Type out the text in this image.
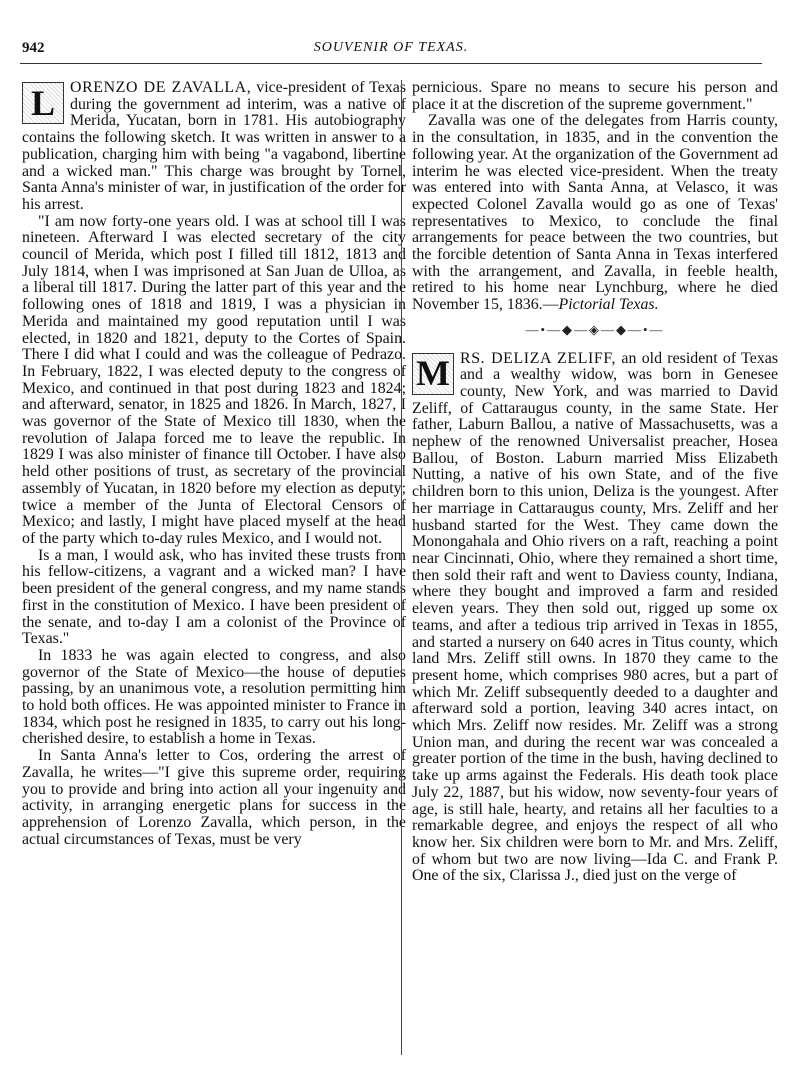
942	SOUVENIR OF TEXAS.

L ORENZO DE ZAVALLA, vice-president of Texas during the government ad interim, was a native of Merida, Yucatan, born in 1781. His autobiography contains the following sketch. It was written in answer to a publication, charging him with being "a vagabond, libertine and a wicked man." This charge was brought by Tornel, Santa Anna's minister of war, in justification of the order for his arrest.

"I am now forty-one years old. I was at school till I was nineteen. Afterward I was elected secretary of the city council of Merida, which post I filled till 1812, 1813 and July 1814, when I was imprisoned at San Juan de Ulloa, as a liberal till 1817. During the latter part of this year and the following ones of 1818 and 1819, I was a physician in Merida and maintained my good reputation until I was elected, in 1820 and 1821, deputy to the Cortes of Spain. There I did what I could and was the colleague of Pedrazo. In February, 1822, I was elected deputy to the congress of Mexico, and continued in that post during 1823 and 1824; and afterward, senator, in 1825 and 1826. In March, 1827, I was governor of the State of Mexico till 1830, when the revolution of Jalapa forced me to leave the republic. In 1829 I was also minister of finance till October. I have also held other positions of trust, as secretary of the provincial assembly of Yucatan, in 1820 before my election as deputy; twice a member of the Junta of Electoral Censors of Mexico; and lastly, I might have placed myself at the head of the party which to-day rules Mexico, and I would not.

Is a man, I would ask, who has invited these trusts from his fellow-citizens, a vagrant and a wicked man? I have been president of the general congress, and my name stands first in the constitution of Mexico. I have been president of the senate, and to-day I am a colonist of the Province of Texas."

In 1833 he was again elected to congress, and also governor of the State of Mexico—the house of deputies passing, by an unanimous vote, a resolution permitting him to hold both offices. He was appointed minister to France in 1834, which post he resigned in 1835, to carry out his long-cherished desire, to establish a home in Texas.

In Santa Anna's letter to Cos, ordering the arrest of Zavalla, he writes—"I give this supreme order, requiring you to provide and bring into action all your ingenuity and activity, in arranging energetic plans for success in the apprehension of Lorenzo Zavalla, which person, in the actual circumstances of Texas, must be very

pernicious. Spare no means to secure his person and place it at the discretion of the supreme government."

Zavalla was one of the delegates from Harris county, in the consultation, in 1835, and in the convention the following year. At the organization of the Government ad interim he was elected vice-president. When the treaty was entered into with Santa Anna, at Velasco, it was expected Colonel Zavalla would go as one of Texas' representatives to Mexico, to conclude the final arrangements for peace between the two countries, but the forcible detention of Santa Anna in Texas interfered with the arrangement, and Zavalla, in feeble health, retired to his home near Lynchburg, where he died November 15, 1836.—Pictorial Texas.

—•—◆—◈—◆—•—

M RS. DELIZA ZELIFF, an old resident of Texas and a wealthy widow, was born in Genesee county, New York, and was married to David Zeliff, of Cattaraugus county, in the same State. Her father, Laburn Ballou, a native of Massachusetts, was a nephew of the renowned Universalist preacher, Hosea Ballou, of Boston. Laburn married Miss Elizabeth Nutting, a native of his own State, and of the five children born to this union, Deliza is the youngest. After her marriage in Cattaraugus county, Mrs. Zeliff and her husband started for the West. They came down the Monongahala and Ohio rivers on a raft, reaching a point near Cincinnati, Ohio, where they remained a short time, then sold their raft and went to Daviess county, Indiana, where they bought and improved a farm and resided eleven years. They then sold out, rigged up some ox teams, and after a tedious trip arrived in Texas in 1855, and started a nursery on 640 acres in Titus county, which land Mrs. Zeliff still owns. In 1870 they came to the present home, which comprises 980 acres, but a part of which Mr. Zeliff subsequently deeded to a daughter and afterward sold a portion, leaving 340 acres intact, on which Mrs. Zeliff now resides. Mr. Zeliff was a strong Union man, and during the recent war was concealed a greater portion of the time in the bush, having declined to take up arms against the Federals. His death took place July 22, 1887, but his widow, now seventy-four years of age, is still hale, hearty, and retains all her faculties to a remarkable degree, and enjoys the respect of all who know her. Six children were born to Mr. and Mrs. Zeliff, of whom but two are now living—Ida C. and Frank P. One of the six, Clarissa J., died just on the verge of
